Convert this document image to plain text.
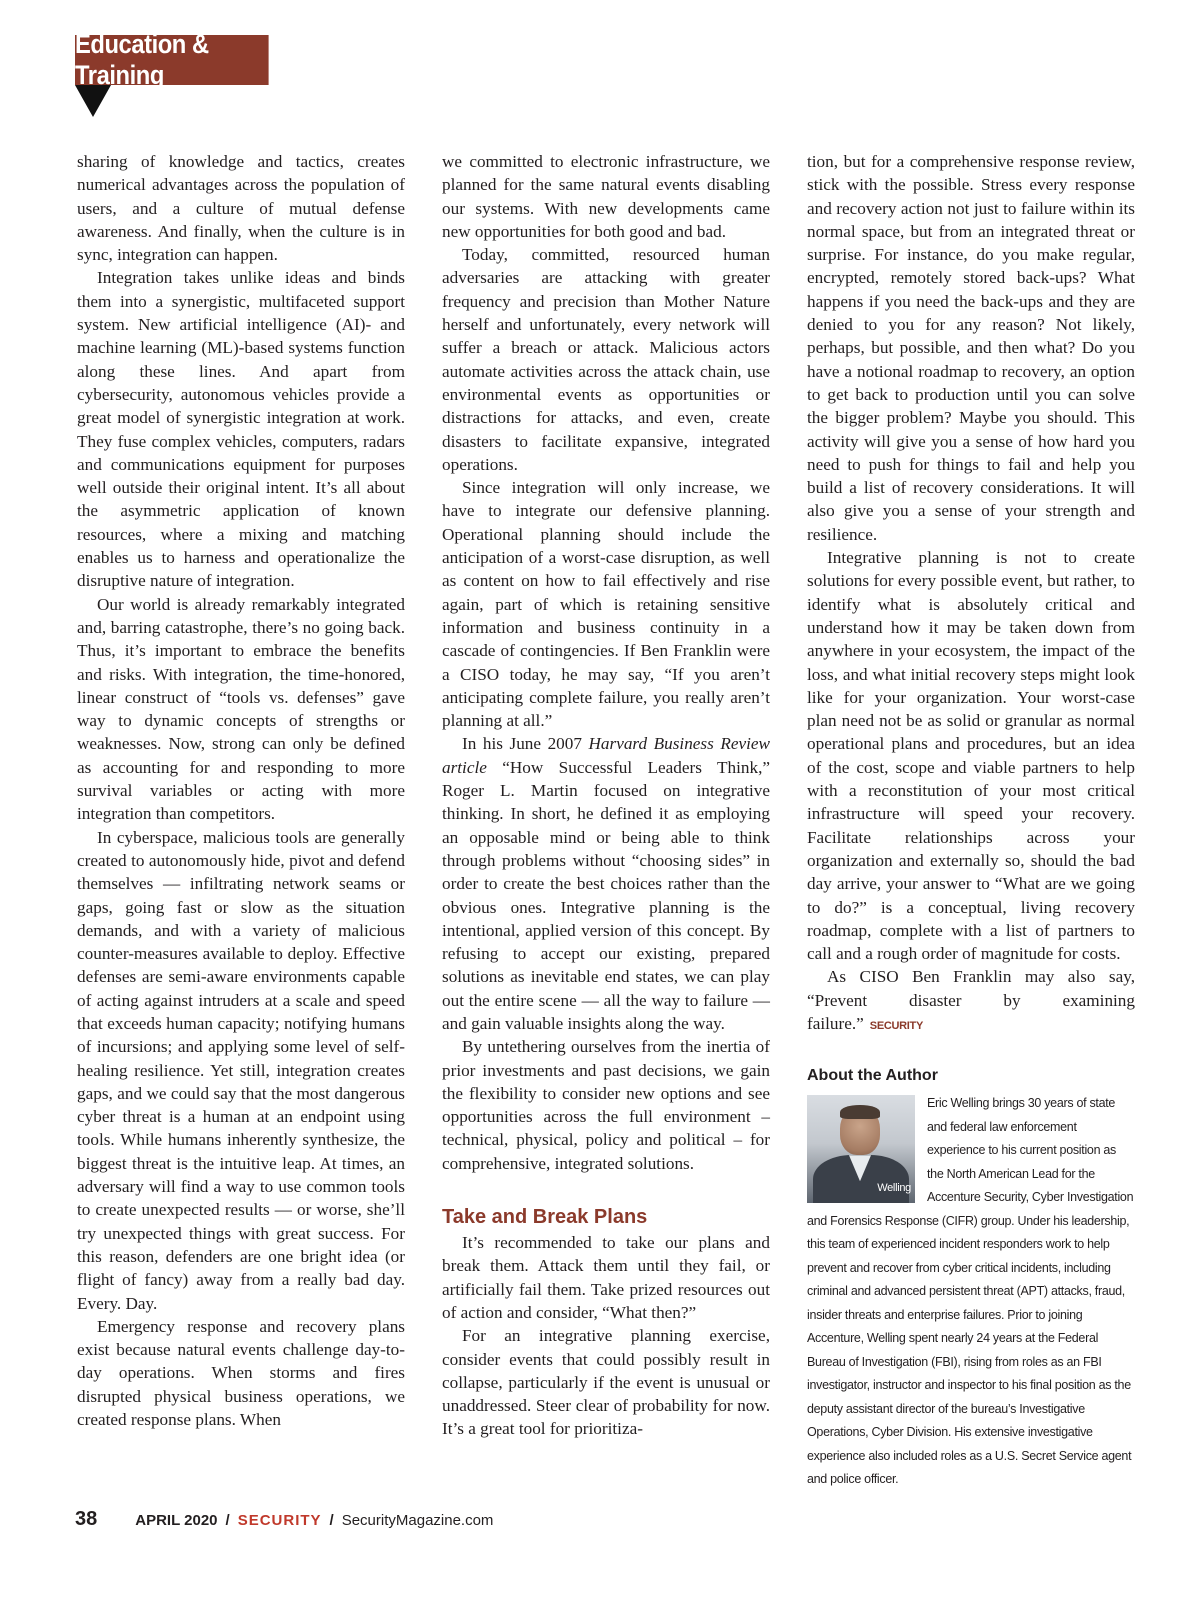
Education & Training

sharing of knowledge and tactics, creates numerical advantages across the population of users, and a culture of mutual defense awareness. And finally, when the culture is in sync, integration can happen.

Integration takes unlike ideas and binds them into a synergistic, multifaceted support system. New artificial intelligence (AI)- and machine learning (ML)-based systems function along these lines. And apart from cybersecurity, autonomous vehicles provide a great model of synergistic integration at work. They fuse complex vehicles, computers, radars and communications equipment for purposes well outside their original intent. It’s all about the asymmetric application of known resources, where a mixing and matching enables us to harness and operationalize the disruptive nature of integration.

Our world is already remarkably integrated and, barring catastrophe, there’s no going back. Thus, it’s important to embrace the benefits and risks. With integration, the time-honored, linear construct of “tools vs. defenses” gave way to dynamic concepts of strengths or weaknesses. Now, strong can only be defined as accounting for and responding to more survival variables or acting with more integration than competitors.

In cyberspace, malicious tools are generally created to autonomously hide, pivot and defend themselves — infiltrating network seams or gaps, going fast or slow as the situation demands, and with a variety of malicious counter-measures available to deploy. Effective defenses are semi-aware environments capable of acting against intruders at a scale and speed that exceeds human capacity; notifying humans of incursions; and applying some level of self-healing resilience. Yet still, integration creates gaps, and we could say that the most dangerous cyber threat is a human at an endpoint using tools. While humans inherently synthesize, the biggest threat is the intuitive leap. At times, an adversary will find a way to use common tools to create unexpected results — or worse, she’ll try unexpected things with great success. For this reason, defenders are one bright idea (or flight of fancy) away from a really bad day. Every. Day.

Emergency response and recovery plans exist because natural events challenge day-to-day operations. When storms and fires disrupted physical business operations, we created response plans. When

we committed to electronic infrastructure, we planned for the same natural events disabling our systems. With new developments came new opportunities for both good and bad.

Today, committed, resourced human adversaries are attacking with greater frequency and precision than Mother Nature herself and unfortunately, every network will suffer a breach or attack. Malicious actors automate activities across the attack chain, use environmental events as opportunities or distractions for attacks, and even, create disasters to facilitate expansive, integrated operations.

Since integration will only increase, we have to integrate our defensive planning. Operational planning should include the anticipation of a worst-case disruption, as well as content on how to fail effectively and rise again, part of which is retaining sensitive information and business continuity in a cascade of contingencies. If Ben Franklin were a CISO today, he may say, “If you aren’t anticipating complete failure, you really aren’t planning at all.”

In his June 2007 Harvard Business Review article “How Successful Leaders Think,” Roger L. Martin focused on integrative thinking. In short, he defined it as employing an opposable mind or being able to think through problems without “choosing sides” in order to create the best choices rather than the obvious ones. Integrative planning is the intentional, applied version of this concept. By refusing to accept our existing, prepared solutions as inevitable end states, we can play out the entire scene — all the way to failure — and gain valuable insights along the way.

By untethering ourselves from the inertia of prior investments and past decisions, we gain the flexibility to consider new options and see opportunities across the full environment – technical, physical, policy and political – for comprehensive, integrated solutions.

Take and Break Plans

It’s recommended to take our plans and break them. Attack them until they fail, or artificially fail them. Take prized resources out of action and consider, “What then?”

For an integrative planning exercise, consider events that could possibly result in collapse, particularly if the event is unusual or unaddressed. Steer clear of probability for now. It’s a great tool for prioritiza-

tion, but for a comprehensive response review, stick with the possible. Stress every response and recovery action not just to failure within its normal space, but from an integrated threat or surprise. For instance, do you make regular, encrypted, remotely stored back-ups? What happens if you need the back-ups and they are denied to you for any reason? Not likely, perhaps, but possible, and then what? Do you have a notional roadmap to recovery, an option to get back to production until you can solve the bigger problem? Maybe you should. This activity will give you a sense of how hard you need to push for things to fail and help you build a list of recovery considerations. It will also give you a sense of your strength and resilience.

Integrative planning is not to create solutions for every possible event, but rather, to identify what is absolutely critical and understand how it may be taken down from anywhere in your ecosystem, the impact of the loss, and what initial recovery steps might look like for your organization. Your worst-case plan need not be as solid or granular as normal operational plans and procedures, but an idea of the cost, scope and viable partners to help with a reconstitution of your most critical infrastructure will speed your recovery. Facilitate relationships across your organization and externally so, should the bad day arrive, your answer to “What are we going to do?” is a conceptual, living recovery roadmap, complete with a list of partners to call and a rough order of magnitude for costs.

As CISO Ben Franklin may also say, “Prevent disaster by examining failure.” SECURITY

About the Author
Welling
Eric Welling brings 30 years of state and federal law enforcement experience to his current position as the North American Lead for the Accenture Security, Cyber Investigation and Forensics Response (CIFR) group. Under his leadership, this team of experienced incident responders work to help prevent and recover from cyber critical incidents, including criminal and advanced persistent threat (APT) attacks, fraud, insider threats and enterprise failures. Prior to joining Accenture, Welling spent nearly 24 years at the Federal Bureau of Investigation (FBI), rising from roles as an FBI investigator, instructor and inspector to his final position as the deputy assistant director of the bureau’s Investigative Operations, Cyber Division. His extensive investigative experience also included roles as a U.S. Secret Service agent and police officer.
38	APRIL 2020 / SECURITY / SecurityMagazine.com
